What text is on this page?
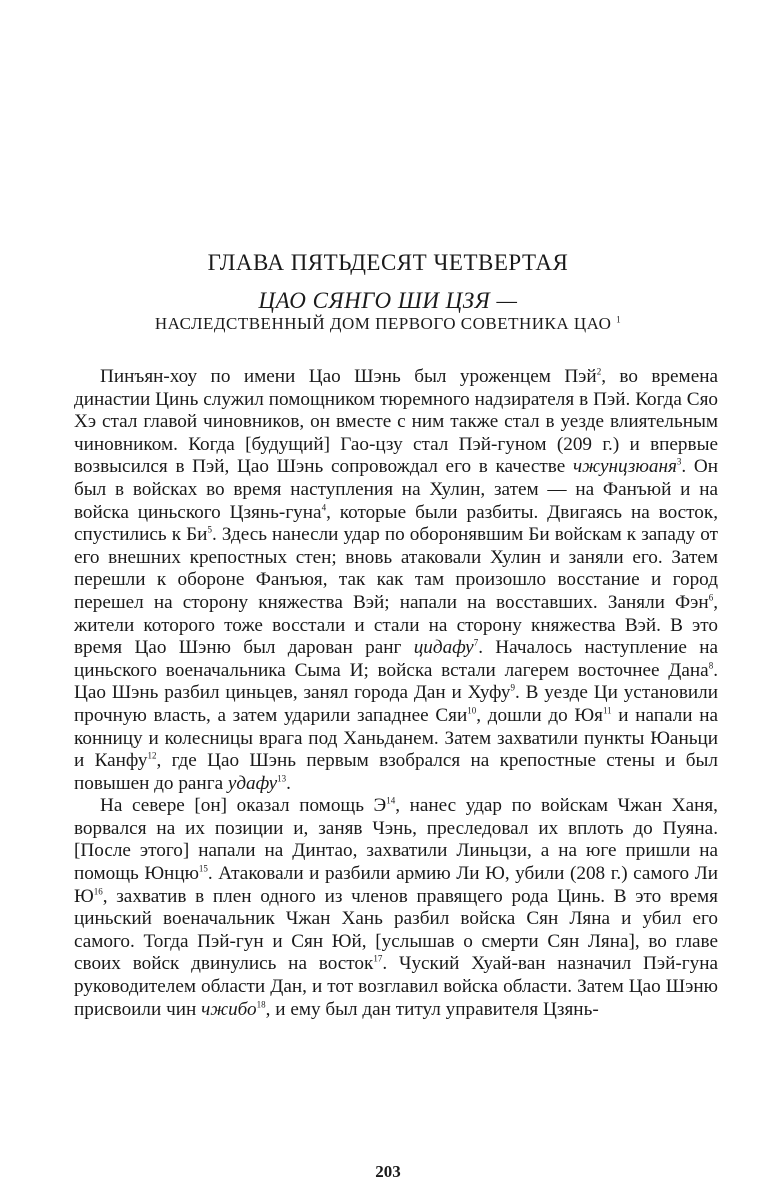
ГЛАВА ПЯТЬДЕСЯТ ЧЕТВЕРТАЯ
ЦАО СЯНГО ШИ ЦЗЯ —
НАСЛЕДСТВЕННЫЙ ДОМ ПЕРВОГО СОВЕТНИКА ЦАО $^1$

Пинъян-хоу по имени Цао Шэнь был уроженцем Пэй$^2$, во времена династии Цинь служил помощником тюремного надзирателя в Пэй. Когда Сяо Хэ стал главой чиновников, он вместе с ним также стал в уезде влиятельным чиновником. Когда [будущий] Гао-цзу стал Пэй-гуном (209 г.) и впервые возвысился в Пэй, Цао Шэнь сопровождал его в качестве чжунцзюаня$^3$. Он был в войсках во время наступления на Хулин, затем — на Фанъюй и на войска циньского Цзянь-гуна$^4$, которые были разбиты. Двигаясь на восток, спустились к $Би^5$. Здесь нанесли удар по оборонявшим Би войскам к западу от его внешних крепостных стен; вновь атаковали Хулин и заняли его. Затем перешли к обороне Фанъюя, так как там произошло восстание и город перешел на сторону княжества Вэй; напали на восставших. Заняли Фэн$^6$, жители которого тоже восстали и стали на сторону княжества Вэй. В это время Цао Шэню был дарован ранг цидафу$^7$. Началось наступление на циньского военачальника Сыма И; войска встали лагерем восточнее Дана$^8$. Цао Шэнь разбил циньцев, занял города Дан и Хуфу$^9$. В уезде Ци установили прочную власть, а затем ударили западнее Сяи$^{10}$, дошли до $Юя^{11}$ и напали на конницу и колесницы врага под Ханьданем. Затем захватили пункты Юаньци и Канфу$^{12}$, где Цао Шэнь первым взобрался на крепостные стены и был повышен до ранга удафу$^{13}$.

На севере [он] оказал помощь $Э^{14}$, нанес удар по войскам Чжан Ханя, ворвался на их позиции и, заняв Чэнь, преследовал их вплоть до Пуяна. [После этого] напали на Динтао, захватили Линьцзи, а на юге пришли на помощь Юнцю$^{15}$. Атаковали и разбили армию Ли Ю, убили (208 г.) самого Ли $Ю^{16}$, захватив в плен одного из членов правящего рода Цинь. В это время циньский военачальник Чжан Хань разбил войска Сян Ляна и убил его самого. Тогда Пэй-гун и Сян Юй, [услышав о смерти Сян Ляна], во главе своих войск двинулись на восток$^{17}$. Чуский Хуай-ван назначил Пэй-гуна руководителем области Дан, и тот возглавил войска области. Затем Цао Шэню присвоили чин чжибо$^{18}$, и ему был дан титул управителя Цзянь-

203
